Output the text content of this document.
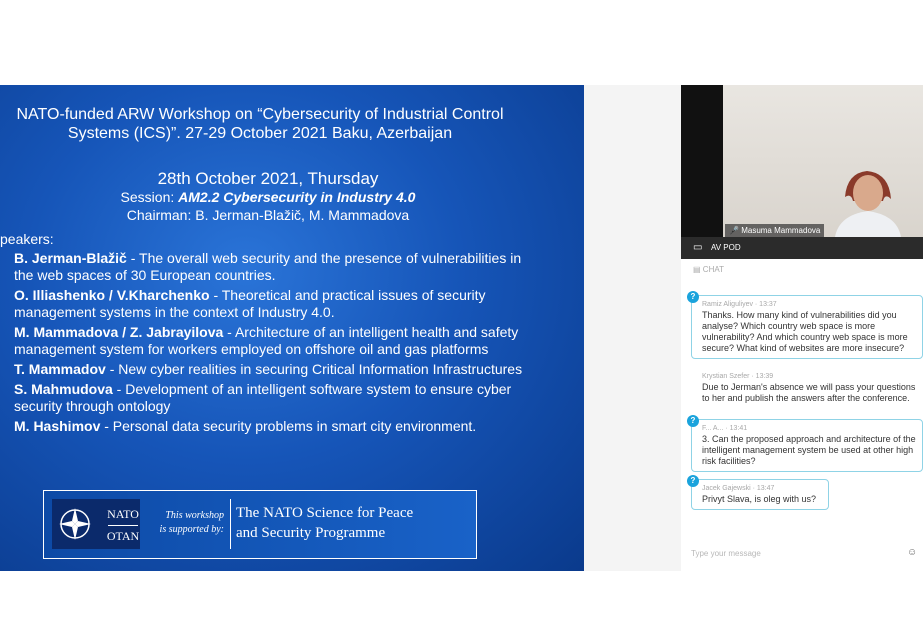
NATO-funded ARW Workshop on “Cybersecurity of Industrial Control Systems (ICS)”. 27-29 October 2021 Baku, Azerbaijan
28th October 2021, Thursday
Session: AM2.2 Cybersecurity in Industry 4.0
Chairman: B. Jerman-Blažič, M. Mammadova
peakers:
B. Jerman-Blažič - The overall web security and the presence of vulnerabilities in the web spaces of 30 European countries.
O. Illiashenko / V.Kharchenko - Theoretical and practical issues of security management systems in the context of Industry 4.0.
M. Mammadova / Z. Jabrayilova - Architecture of an intelligent health and safety management system for workers employed on offshore oil and gas platforms
T. Mammadov - New cyber realities in securing Critical Information Infrastructures
S. Mahmudova - Development of an intelligent software system to ensure cyber security through ontology
M. Hashimov - Personal data security problems in smart city environment.
NATO
OTAN
This workshop
is supported by:
The NATO Science for Peace
and Security Programme
🎤 Masuma Mammadova
▭ AV POD
▤ CHAT
?
Ramiz Aliguliyev · 13:37
Thanks. How many kind of vulnerabilities did you analyse? Which country web space is more vulnerability? And which country web space is more secure? What kind of websites are more insecure?
Krystian Szefer · 13:39
Due to Jerman's absence we will pass your questions to her and publish the answers after the conference.
?
F... A... · 13:41
3. Can the proposed approach and architecture of the intelligent management system be used at other high risk facilities?
?
Jacek Gajewski · 13:47
Privyt Slava, is oleg with us?
Type your message	☺
